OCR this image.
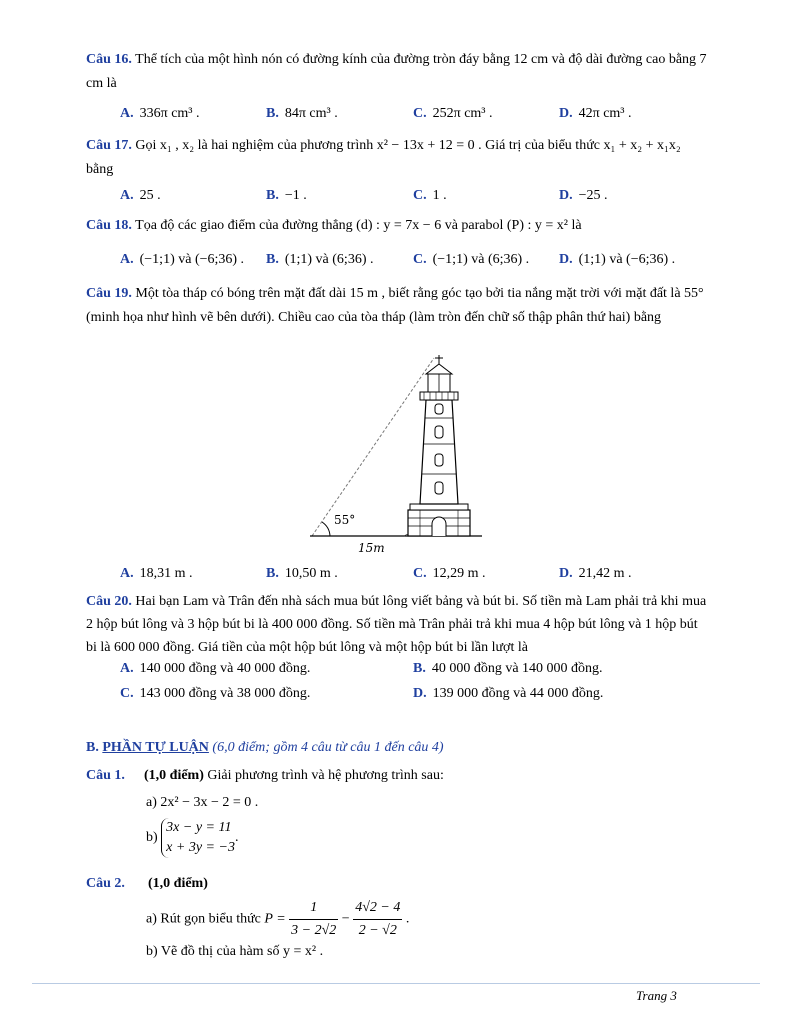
Câu 16. Thể tích của một hình nón có đường kính của đường tròn đáy bằng 12 cm và độ dài đường cao bằng 7 cm là
A. 336π cm³ .	B. 84π cm³ .	C. 252π cm³ .	D. 42π cm³ .
Câu 17. Gọi x₁ , x₂ là hai nghiệm của phương trình x² − 13x + 12 = 0 . Giá trị của biểu thức x₁ + x₂ + x₁x₂ bằng
A. 25 .	B. −1 .	C. 1 .	D. −25 .
Câu 18. Tọa độ các giao điểm của đường thẳng (d) : y = 7x − 6 và parabol (P) : y = x² là
A. (−1;1) và (−6;36) . B. (1;1) và (6;36) .	C. (−1;1) và (6;36) . D. (1;1) và (−6;36) .
Câu 19. Một tòa tháp có bóng trên mặt đất dài 15 m , biết rằng góc tạo bởi tia nắng mặt trời với mặt đất là 55° (minh họa như hình vẽ bên dưới). Chiều cao của tòa tháp (làm tròn đến chữ số thập phân thứ hai) bằng
55°
15m
A. 18,31 m .	B. 10,50 m .	C. 12,29 m .	D. 21,42 m .
Câu 20. Hai bạn Lam và Trân đến nhà sách mua bút lông viết bảng và bút bi. Số tiền mà Lam phải trả khi mua 2 hộp bút lông và 3 hộp bút bi là 400 000 đồng. Số tiền mà Trân phải trả khi mua 4 hộp bút lông và 1 hộp bút bi là 600 000 đồng. Giá tiền của một hộp bút lông và một hộp bút bi lần lượt là
A. 140 000 đồng và 40 000 đồng.	B. 40 000 đồng và 140 000 đồng.
C. 143 000 đồng và 38 000 đồng.	D. 139 000 đồng và 44 000 đồng.
B. PHẦN TỰ LUẬN (6,0 điểm; gồm 4 câu từ câu 1 đến câu 4)
Câu 1. (1,0 điểm) Giải phương trình và hệ phương trình sau:
a) 2x² − 3x − 2 = 0 .
b)
3x − y = 11
x + 3y = −3
.
Câu 2. (1,0 điểm)
a) Rút gọn biểu thức $P = \frac{1}{3 - 2√2} - \frac{4√2 - 4}{2 - √2}$ .
b) Vẽ đồ thị của hàm số y = x² .
Trang 3
